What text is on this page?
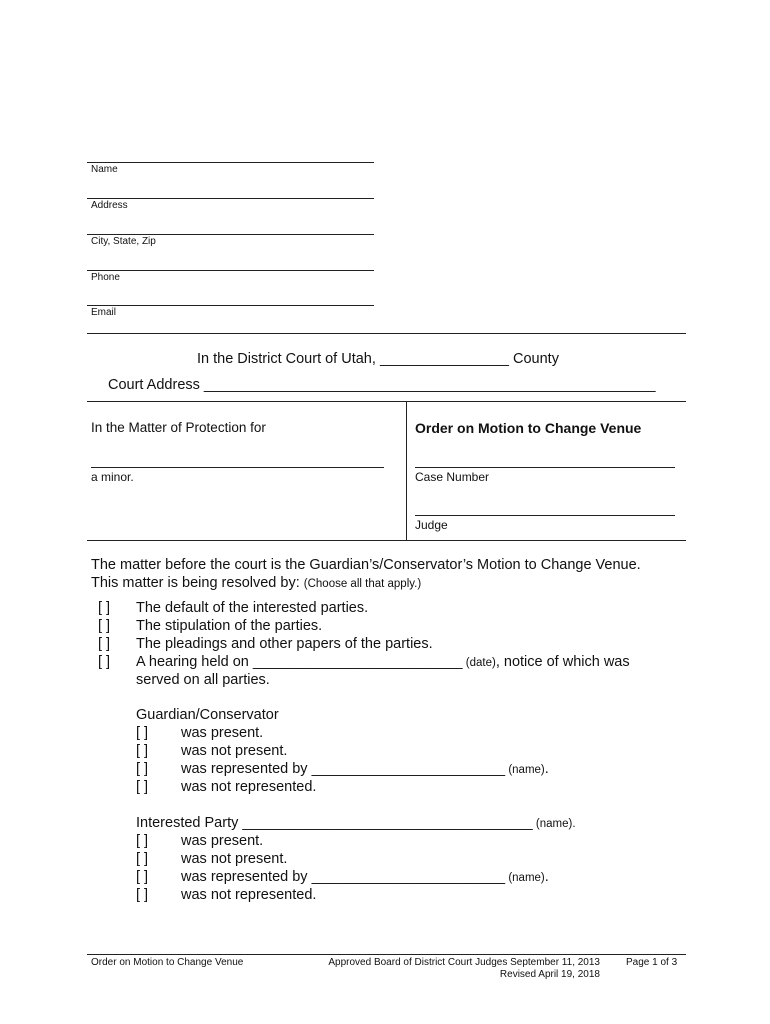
Name
Address
City, State, Zip
Phone
Email
In the District Court of Utah, ________________ County
Court Address ________________________________________________________
In the Matter of Protection for
a minor.
Order on Motion to Change Venue
Case Number
Judge
The matter before the court is the Guardian’s/Conservator’s Motion to Change Venue.
This matter is being resolved by: (Choose all that apply.)
[ ] The default of the interested parties.
[ ] The stipulation of the parties.
[ ] The pleadings and other papers of the parties.
[ ] A hearing held on __________________________ (date), notice of which was
served on all parties.
Guardian/Conservator
[ ] was present.
[ ] was not present.
[ ] was represented by ________________________ (name).
[ ] was not represented.
Interested Party ____________________________________ (name).
[ ] was present.
[ ] was not present.
[ ] was represented by ________________________ (name).
[ ] was not represented.
Order on Motion to Change Venue	Approved Board of District Court Judges September 11, 2013
Revised April 19, 2018
Page 1 of 3
